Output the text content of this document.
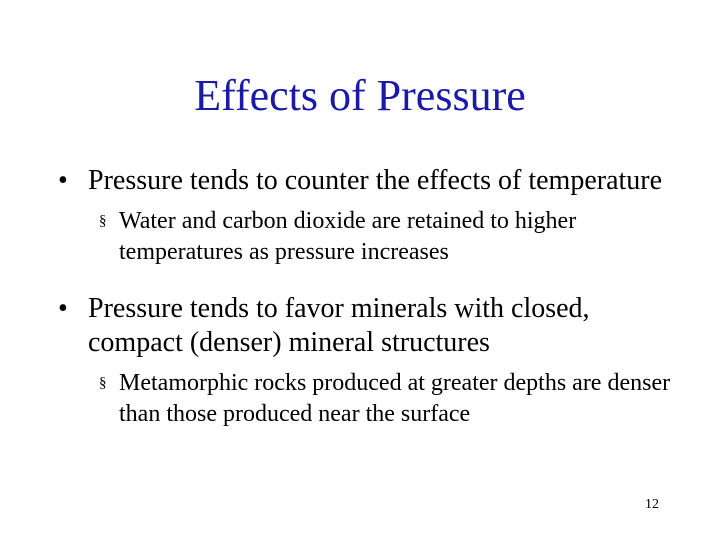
Effects of Pressure
• Pressure tends to counter the effects of temperature
§ Water and carbon dioxide are retained to higher temperatures as pressure increases
• Pressure tends to favor minerals with closed, compact (denser) mineral structures
§ Metamorphic rocks produced at greater depths are denser than those produced near the surface
12
